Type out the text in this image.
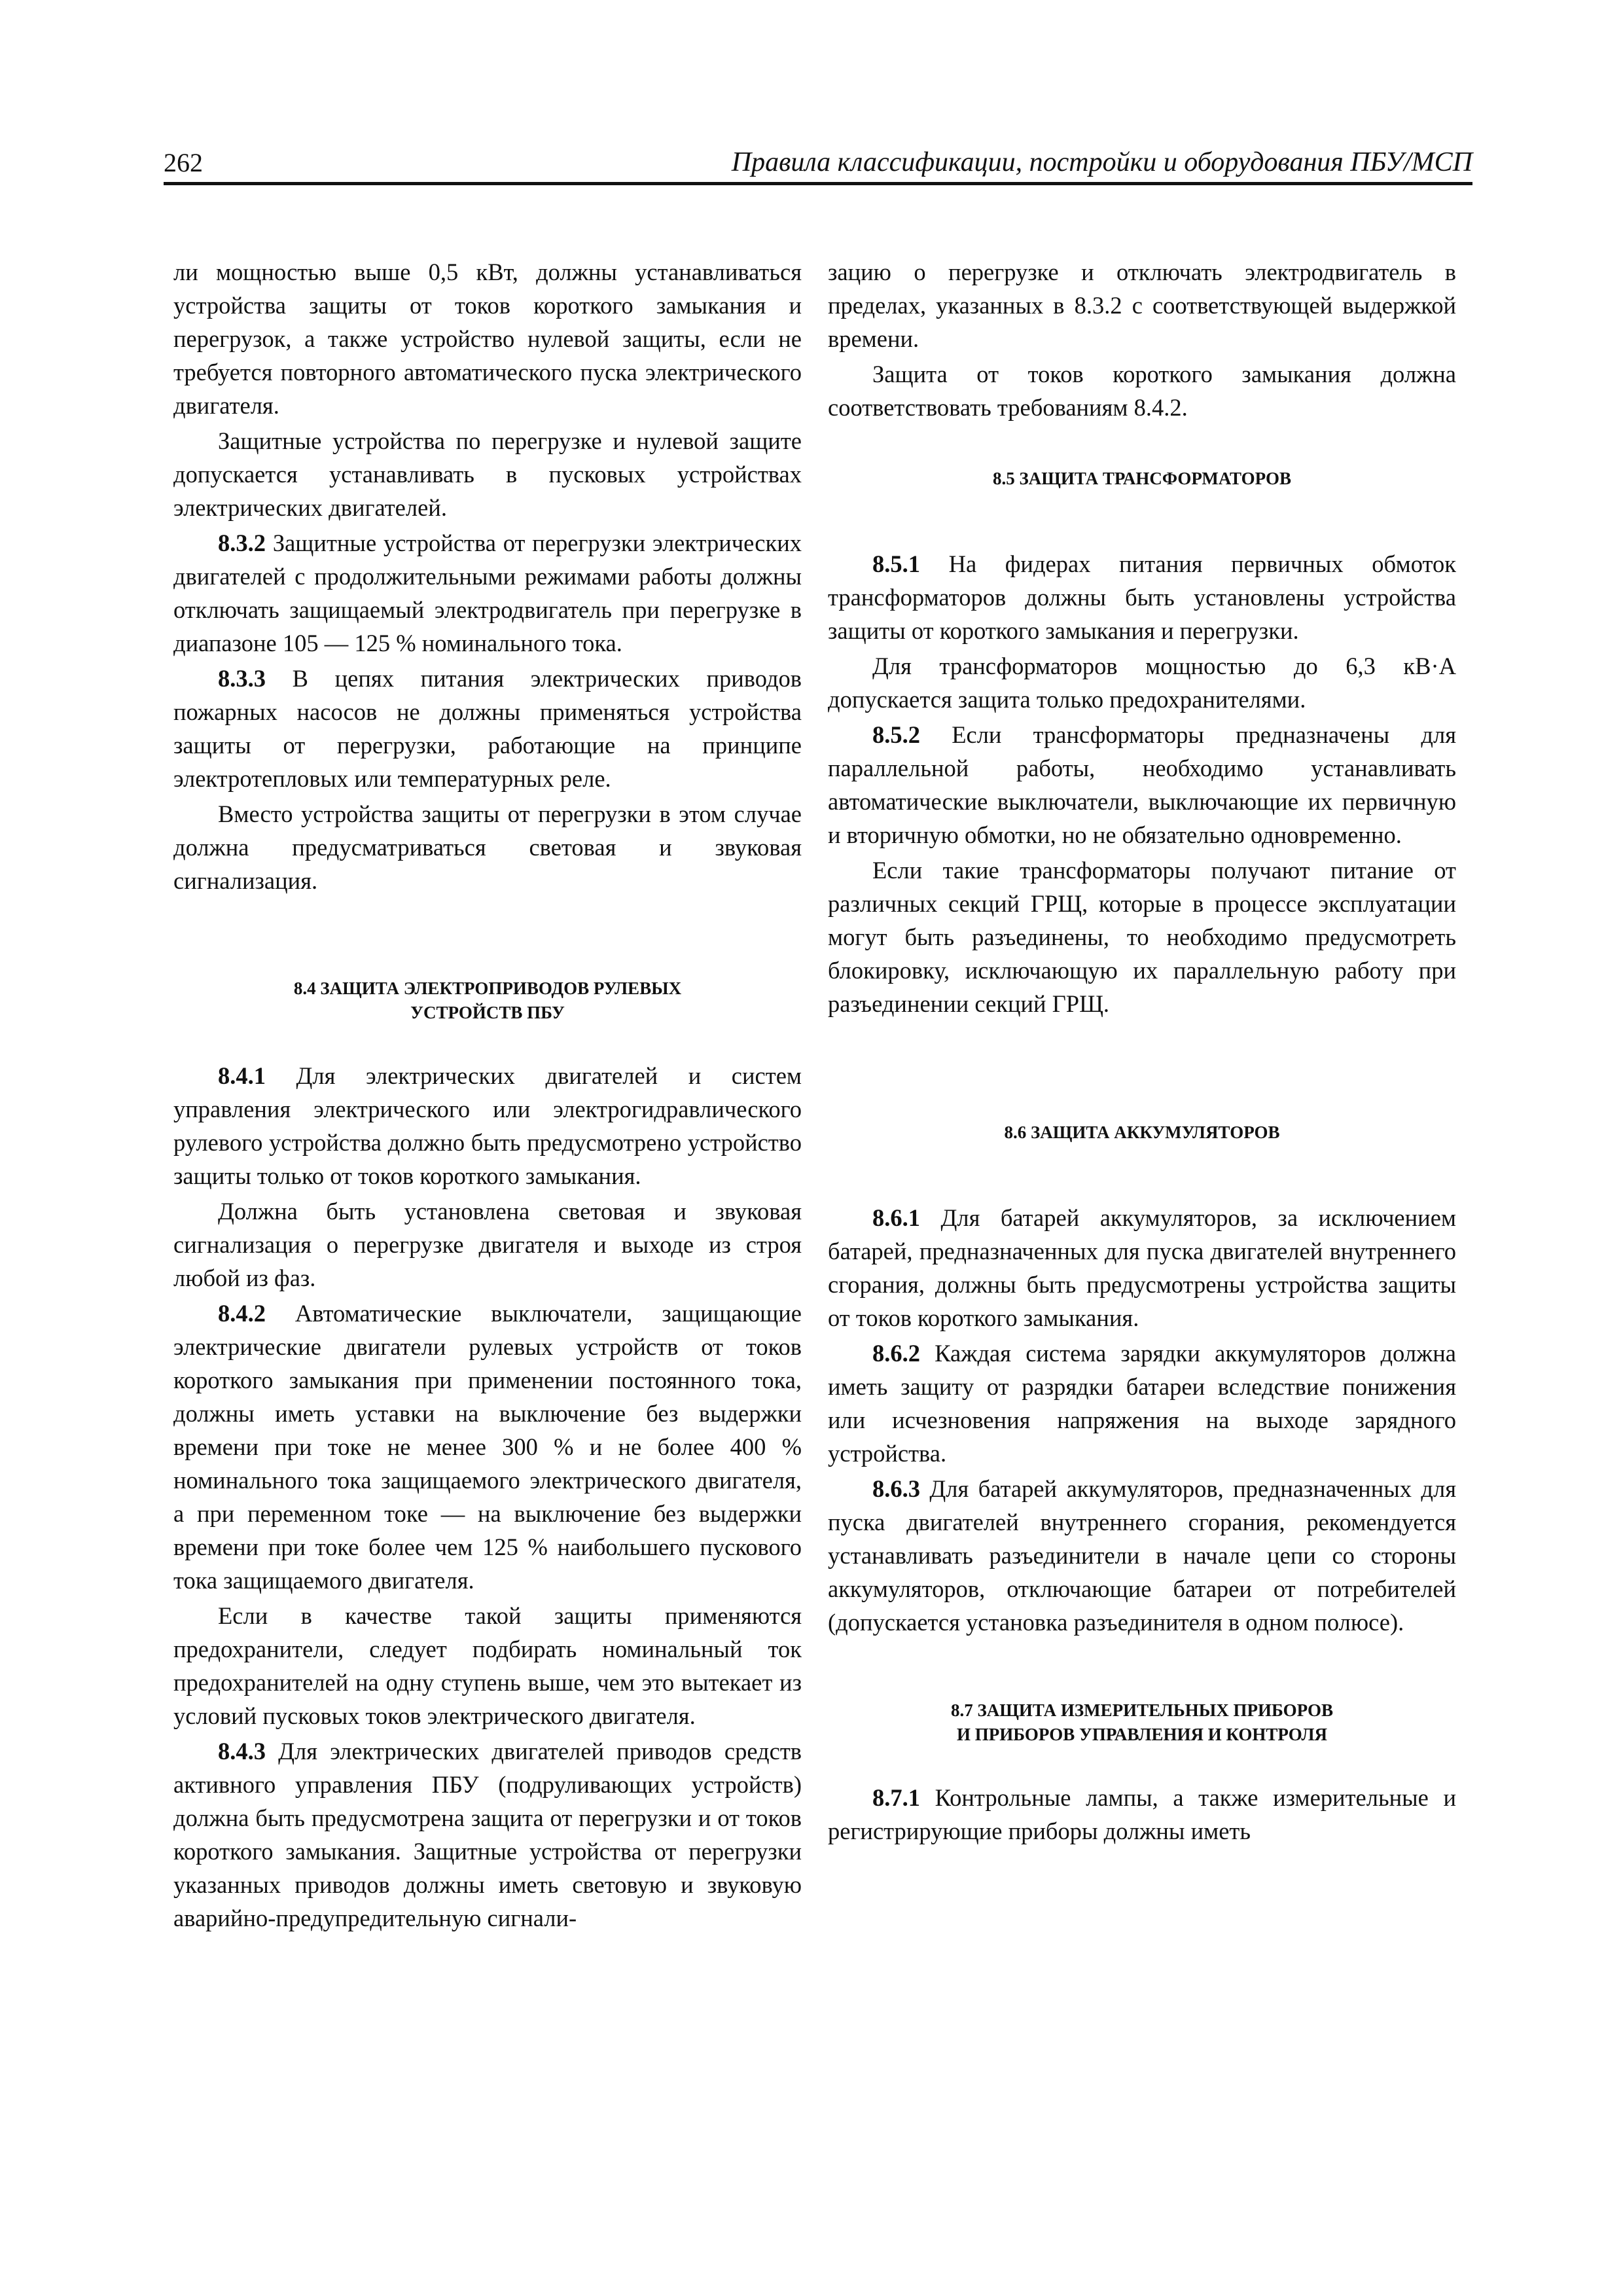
262	Правила классификации, постройки и оборудования ПБУ/МСП

ли мощностью выше 0,5 кВт, должны устанавливаться устройства защиты от токов короткого замыкания и перегрузок, а также устройство нулевой защиты, если не требуется повторного автоматического пуска электрического двигателя.

Защитные устройства по перегрузке и нулевой защите допускается устанавливать в пусковых устройствах электрических двигателей.

8.3.2 Защитные устройства от перегрузки электрических двигателей с продолжительными режимами работы должны отключать защищаемый электродвигатель при перегрузке в диапазоне 105 — 125 % номинального тока.

8.3.3 В цепях питания электрических приводов пожарных насосов не должны применяться устройства защиты от перегрузки, работающие на принципе электротепловых или температурных реле.

Вместо устройства защиты от перегрузки в этом случае должна предусматриваться световая и звуковая сигнализация.

8.4 ЗАЩИТА ЭЛЕКТРОПРИВОДОВ РУЛЕВЫХ
УСТРОЙСТВ ПБУ

8.4.1 Для электрических двигателей и систем управления электрического или электрогидравлического рулевого устройства должно быть предусмотрено устройство защиты только от токов короткого замыкания.

Должна быть установлена световая и звуковая сигнализация о перегрузке двигателя и выходе из строя любой из фаз.

8.4.2 Автоматические выключатели, защищающие электрические двигатели рулевых устройств от токов короткого замыкания при применении постоянного тока, должны иметь уставки на выключение без выдержки времени при токе не менее 300 % и не более 400 % номинального тока защищаемого электрического двигателя, а при переменном токе — на выключение без выдержки времени при токе более чем 125 % наибольшего пускового тока защищаемого двигателя.

Если в качестве такой защиты применяются предохранители, следует подбирать номинальный ток предохранителей на одну ступень выше, чем это вытекает из условий пусковых токов электрического двигателя.

8.4.3 Для электрических двигателей приводов средств активного управления ПБУ (подруливающих устройств) должна быть предусмотрена защита от перегрузки и от токов короткого замыкания. Защитные устройства от перегрузки указанных приводов должны иметь световую и звуковую аварийно-предупредительную сигнали-

зацию о перегрузке и отключать электродвигатель в пределах, указанных в 8.3.2 с соответствующей выдержкой времени.

Защита от токов короткого замыкания должна соответствовать требованиям 8.4.2.

8.5 ЗАЩИТА ТРАНСФОРМАТОРОВ

8.5.1 На фидерах питания первичных обмоток трансформаторов должны быть установлены устройства защиты от короткого замыкания и перегрузки.

Для трансформаторов мощностью до 6,3 кВ·А допускается защита только предохранителями.

8.5.2 Если трансформаторы предназначены для параллельной работы, необходимо устанавливать автоматические выключатели, выключающие их первичную и вторичную обмотки, но не обязательно одновременно.

Если такие трансформаторы получают питание от различных секций ГРЩ, которые в процессе эксплуатации могут быть разъединены, то необходимо предусмотреть блокировку, исключающую их параллельную работу при разъединении секций ГРЩ.

8.6 ЗАЩИТА АККУМУЛЯТОРОВ

8.6.1 Для батарей аккумуляторов, за исключением батарей, предназначенных для пуска двигателей внутреннего сгорания, должны быть предусмотрены устройства защиты от токов короткого замыкания.

8.6.2 Каждая система зарядки аккумуляторов должна иметь защиту от разрядки батареи вследствие понижения или исчезновения напряжения на выходе зарядного устройства.

8.6.3 Для батарей аккумуляторов, предназначенных для пуска двигателей внутреннего сгорания, рекомендуется устанавливать разъединители в начале цепи со стороны аккумуляторов, отключающие батареи от потребителей (допускается установка разъединителя в одном полюсе).

8.7 ЗАЩИТА ИЗМЕРИТЕЛЬНЫХ ПРИБОРОВ
И ПРИБОРОВ УПРАВЛЕНИЯ И КОНТРОЛЯ

8.7.1 Контрольные лампы, а также измерительные и регистрирующие приборы должны иметь
